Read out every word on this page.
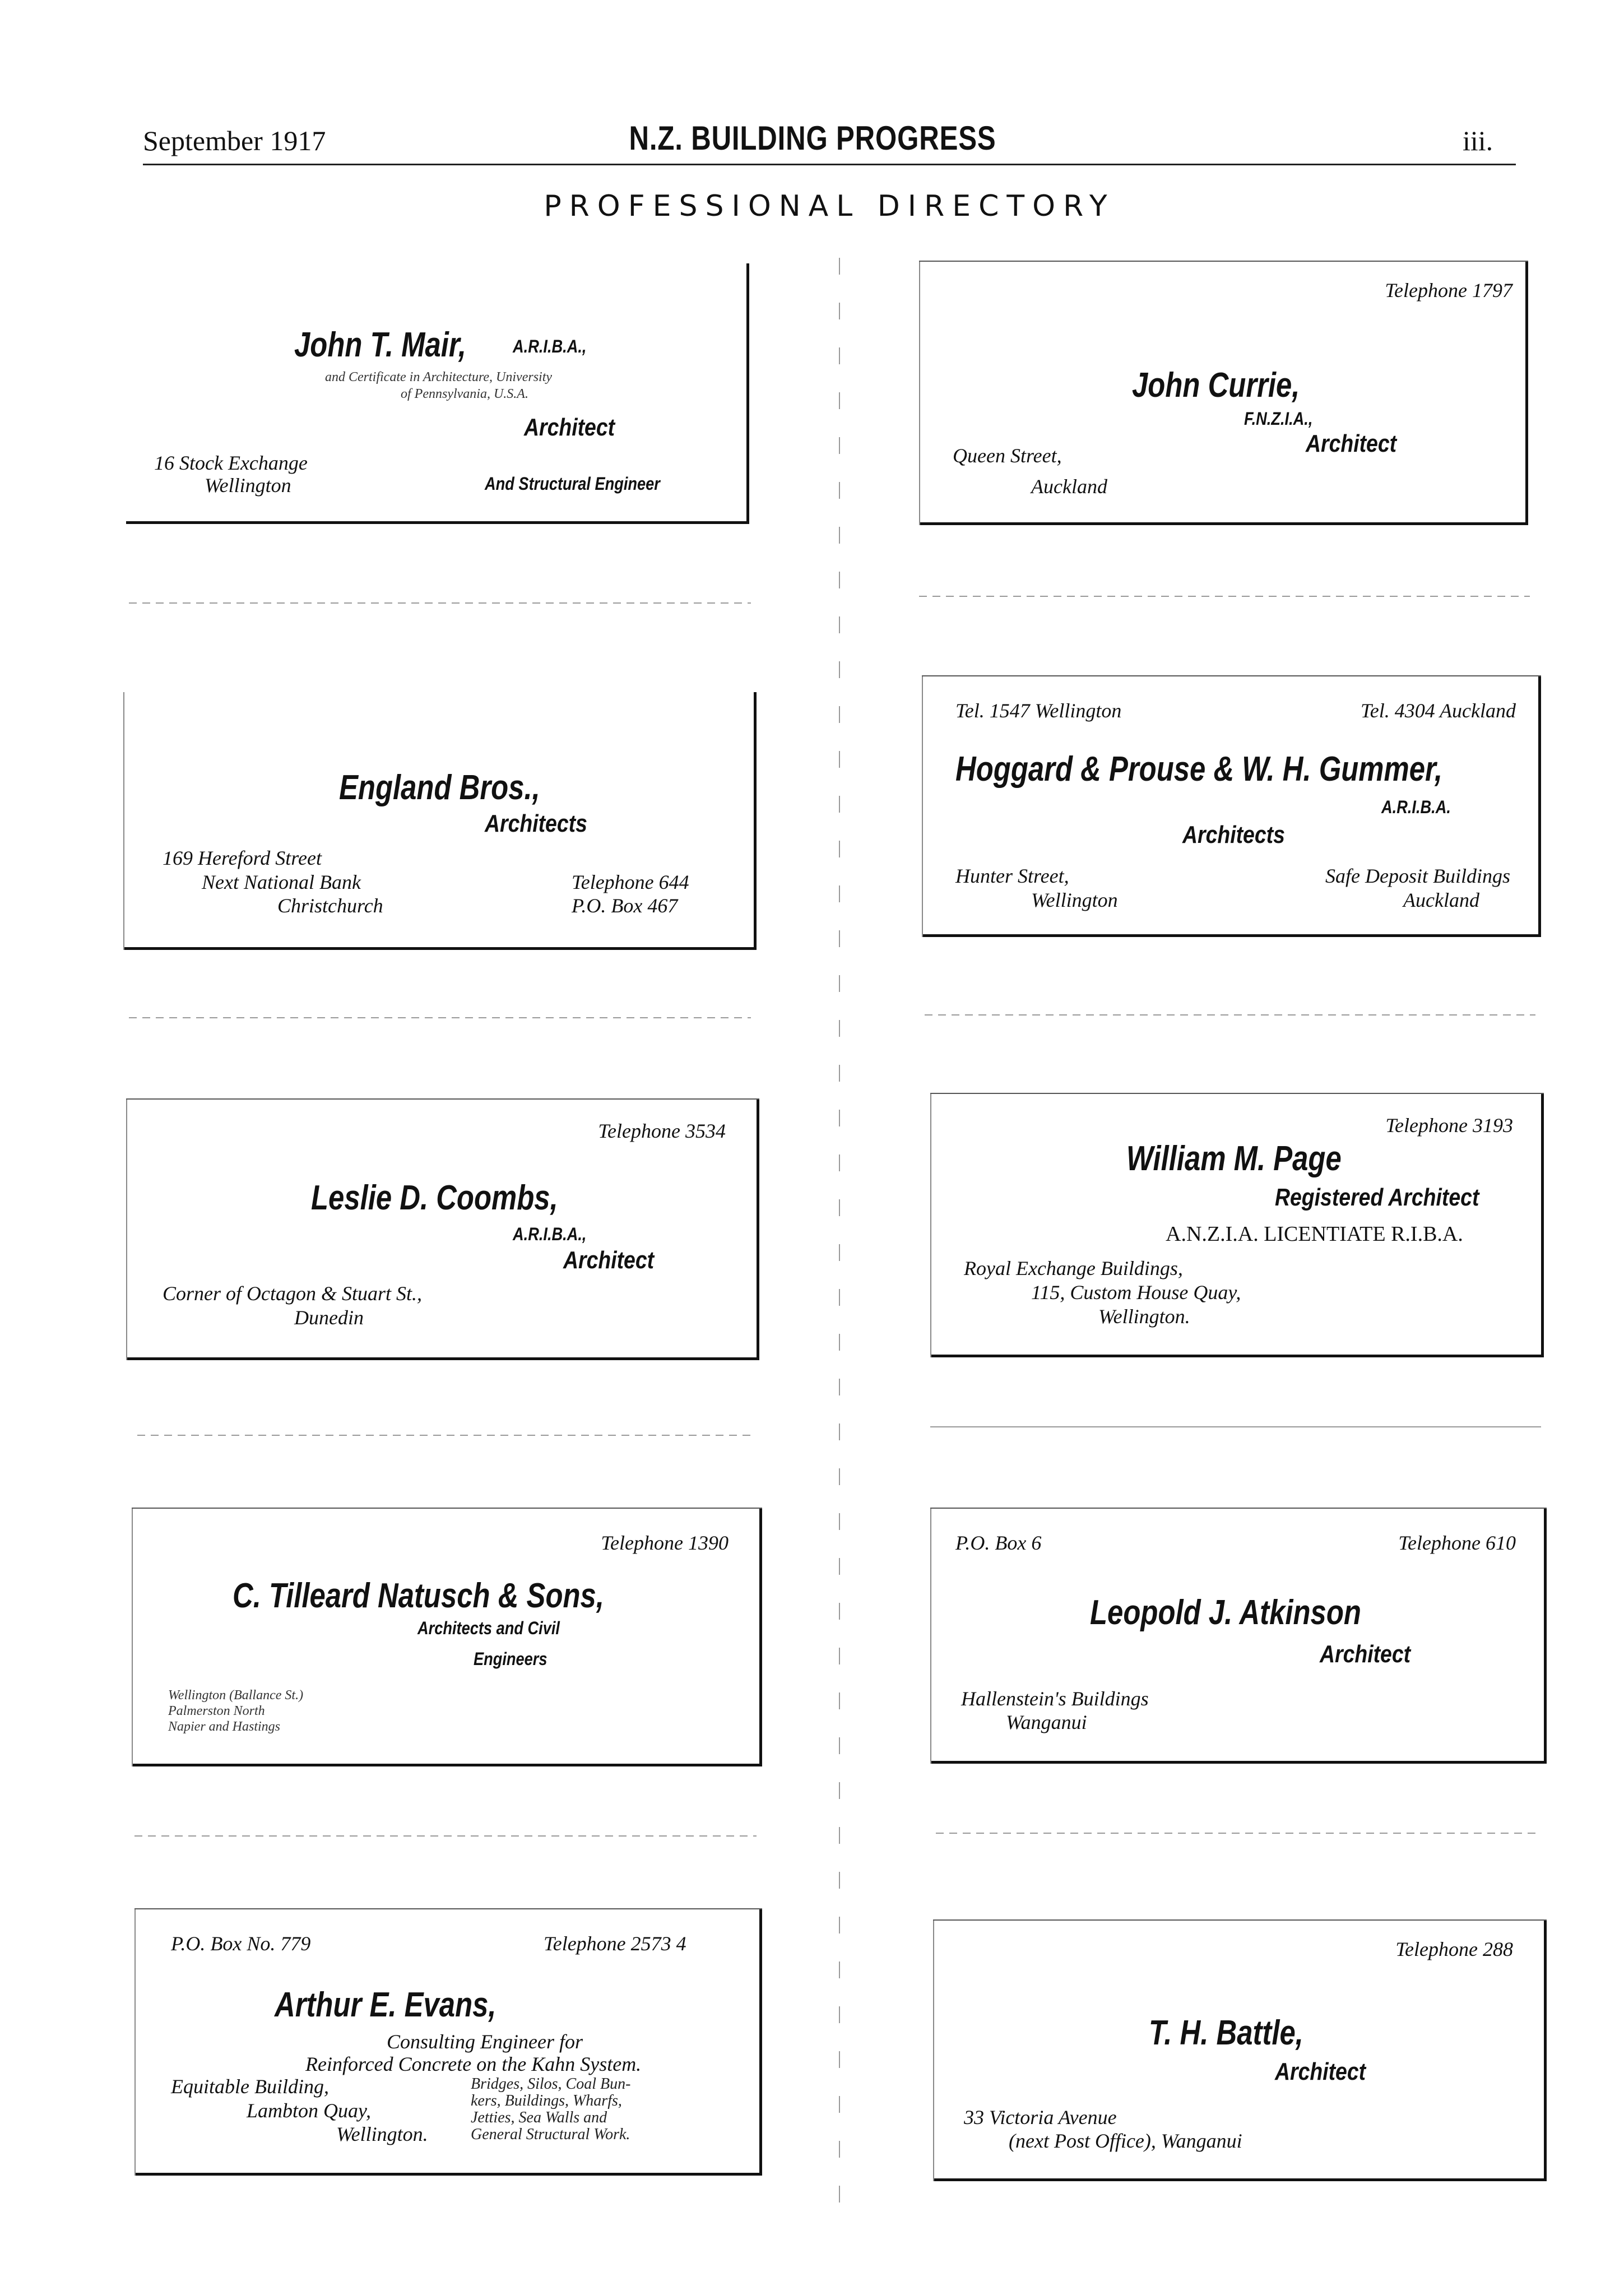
September 1917	N.Z. BUILDING PROGRESS	iii.
PROFESSIONAL DIRECTORY
John T. Mair,	A.R.I.B.A.,
and Certificate in Architecture, University
of Pennsylvania, U.S.A.
Architect
16 Stock Exchange
Wellington	And Structural Engineer
Telephone 1797
John Currie,
F.N.Z.I.A.,
Architect
Queen Street,
Auckland
England Bros.,
Architects
169 Hereford Street
Next National Bank
Christchurch
Telephone 644
P.O. Box 467
Tel. 1547 Wellington	Tel. 4304 Auckland
Hoggard & Prouse & W. H. Gummer,
A.R.I.B.A.
Architects
Hunter Street,
Wellington
Safe Deposit Buildings
Auckland
Telephone 3534
Leslie D. Coombs,
A.R.I.B.A.,
Architect
Corner of Octagon & Stuart St.,
Dunedin
Telephone 3193
William M. Page
Registered Architect
A.N.Z.I.A. LICENTIATE R.I.B.A.
Royal Exchange Buildings,
115, Custom House Quay,
Wellington.
Telephone 1390
C. Tilleard Natusch & Sons,
Architects and Civil
Engineers
Wellington (Ballance St.)
Palmerston North
Napier and Hastings
P.O. Box 6	Telephone 610
Leopold J. Atkinson
Architect
Hallenstein's Buildings
Wanganui
P.O. Box No. 779	Telephone 2573 4
Arthur E. Evans,
Consulting Engineer for
Reinforced Concrete on the Kahn System.
Equitable Building,
Lambton Quay,
Wellington.
Bridges, Silos, Coal Bun-
kers, Buildings, Wharfs,
Jetties, Sea Walls and
General Structural Work.
Telephone 288
T. H. Battle,
Architect
33 Victoria Avenue
(next Post Office), Wanganui
